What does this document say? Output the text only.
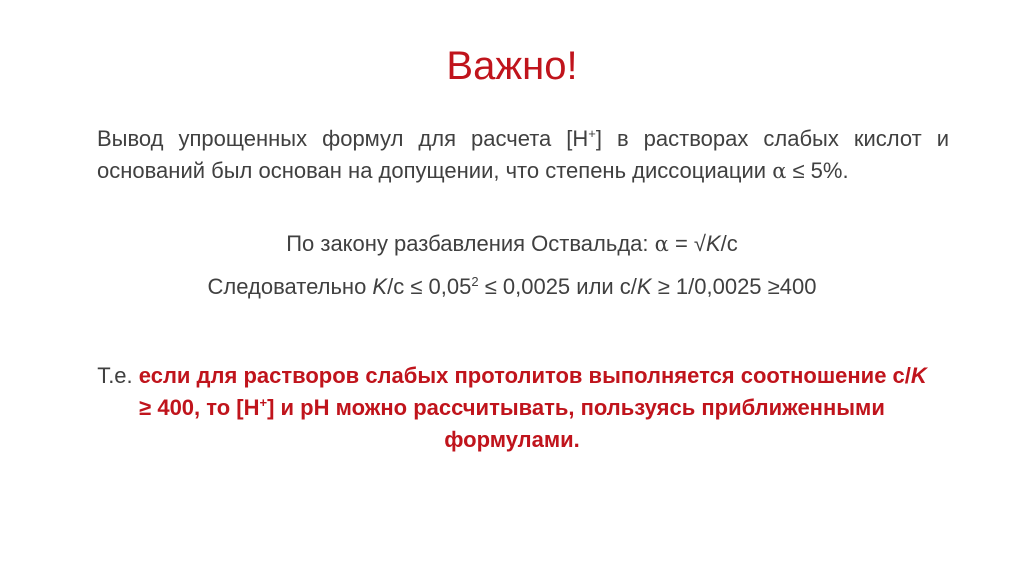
Важно!
Вывод упрощенных формул для расчета [H+] в растворах слабых кислот и оснований был основан на допущении, что степень диссоциации α ≤ 5%.
По закону разбавления Оствальда: α = √K/c
Следовательно $K/c \le 0,05^2 \le 0,0025$ или c/K ≥ 1/0,0025 ≥400
Т.е. если для растворов слабых протолитов выполняется соотношение c/K ≥ 400, то [H+] и pH можно рассчитывать, пользуясь приближенными формулами.
